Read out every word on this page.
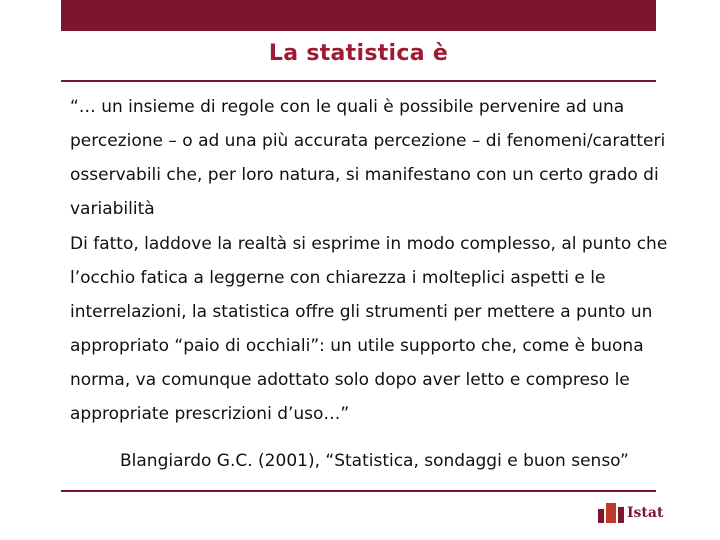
La statistica è

“… un insieme di regole con le quali è possibile pervenire ad una percezione – o ad una più accurata percezione – di fenomeni/caratteri osservabili che, per loro natura, si manifestano con un certo grado di variabilità

Di fatto, laddove la realtà si esprime in modo complesso, al punto che l’occhio fatica a leggerne con chiarezza i molteplici aspetti e le interrelazioni, la statistica offre gli strumenti per mettere a punto un appropriato “paio di occhiali”: un utile supporto che, come è buona norma, va comunque adottato solo dopo aver letto e compreso le appropriate prescrizioni d’uso…”

Blangiardo G.C. (2001), “Statistica, sondaggi e buon senso”

Istat
